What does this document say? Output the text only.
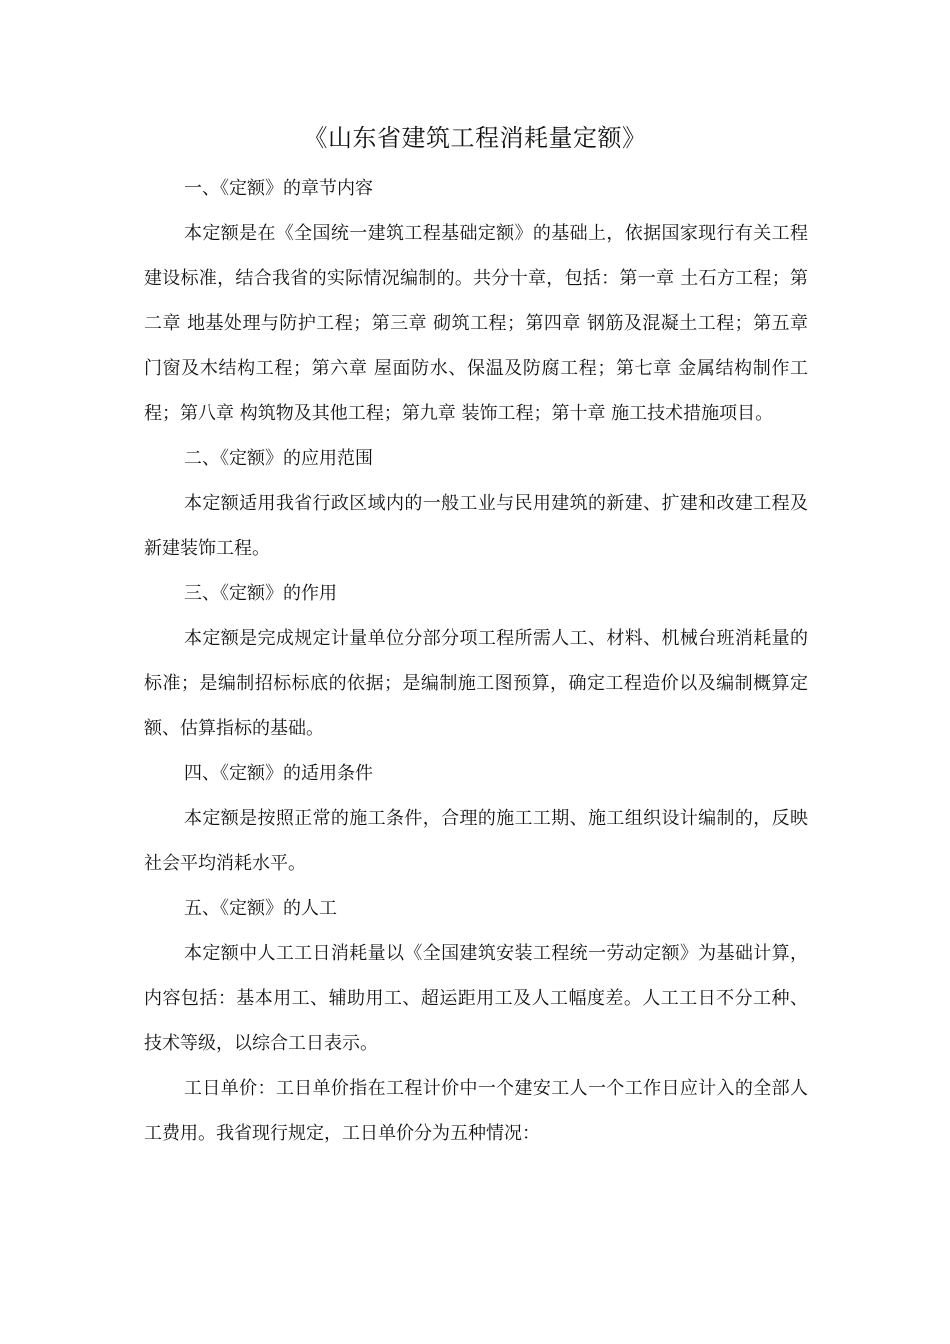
《山东省建筑工程消耗量定额》

一、《定额》的章节内容

本定额是在《全国统一建筑工程基础定额》的基础上，依据国家现行有关工程建设标准，结合我省的实际情况编制的。共分十章，包括：第一章 土石方工程；第二章 地基处理与防护工程；第三章 砌筑工程；第四章 钢筋及混凝土工程；第五章 门窗及木结构工程；第六章 屋面防水、保温及防腐工程；第七章 金属结构制作工程；第八章 构筑物及其他工程；第九章 装饰工程；第十章 施工技术措施项目。

二、《定额》的应用范围

本定额适用我省行政区域内的一般工业与民用建筑的新建、扩建和改建工程及新建装饰工程。

三、《定额》的作用

本定额是完成规定计量单位分部分项工程所需人工、材料、机械台班消耗量的标准；是编制招标标底的依据；是编制施工图预算，确定工程造价以及编制概算定额、估算指标的基础。

四、《定额》的适用条件

本定额是按照正常的施工条件，合理的施工工期、施工组织设计编制的，反映社会平均消耗水平。

五、《定额》的人工

本定额中人工工日消耗量以《全国建筑安装工程统一劳动定额》为基础计算，内容包括：基本用工、辅助用工、超运距用工及人工幅度差。人工工日不分工种、技术等级，以综合工日表示。

工日单价：工日单价指在工程计价中一个建安工人一个工作日应计入的全部人工费用。我省现行规定，工日单价分为五种情况：
